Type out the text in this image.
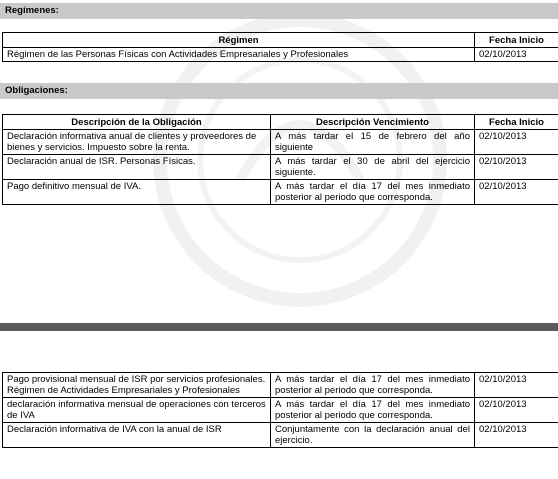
Regímenes:
Régimen	Fecha Inicio
Régimen de las Personas Físicas con Actividades Empresariales y Profesionales	02/10/2013
Obligaciones:
Descripción de la Obligación	Descripción Vencimiento	Fecha Inicio
Declaración informativa anual de clientes y proveedores de bienes y servicios. Impuesto sobre la renta.	A más tardar el 15 de febrero del año siguiente	02/10/2013
Declaración anual de ISR. Personas Físicas.	A más tardar el 30 de abril del ejercicio siguiente.	02/10/2013
Pago definitivo mensual de IVA.	A más tardar el día 17 del mes inmediato posterior al periodo que corresponda.	02/10/2013
Pago provisional mensual de ISR por servicios profesionales. Régimen de Actividades Empresariales y Profesionales	A más tardar el día 17 del mes inmediato posterior al periodo que corresponda.	02/10/2013
declaración informativa mensual de operaciones con terceros de IVA	A más tardar el día 17 del mes inmediato posterior al periodo que corresponda.	02/10/2013
Declaración informativa de IVA con la anual de ISR	Conjuntamente con la declaración anual del ejercicio.	02/10/2013
